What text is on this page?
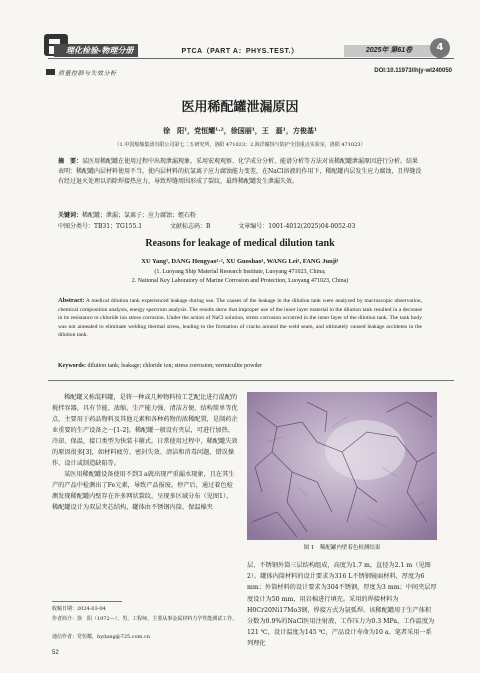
理化检验-物理分册	PTCA（PART A：PHYS.TEST.）	2025年 第61卷	4
质量控制与失效分析	DOI:10.11973/lhjy-wl240050
医用稀配罐泄漏原因
徐　阳¹，党恒耀¹·²，徐国丽¹，王　磊¹，方俊基¹
（1.中国船舶集团有限公司第七二五研究所，洛阳 471023；2.海洋腐蚀与防护全国重点实验室，洛阳 471023）
摘　要：某医用稀配罐在使用过程中出现泄漏现象。采用宏观观察、化学成分分析、能谱分析等方法对该稀配罐泄漏原因进行分析。结果表明：稀配罐内层材料使用不当，使内层材料的抗氯离子应力腐蚀能力变差，在NaCl溶液的作用下，稀配罐内层发生应力腐蚀，且焊缝没有经过退火处理以消除焊接热应力，导致焊缝周围形成了裂纹，最终稀配罐发生泄漏失效。
关键词：稀配罐；泄漏；氯离子；应力腐蚀；蛭石粉
中图分类号：TB31；TG155.1	文献标志码：B	文章编号：1001-4012(2025)04-0052-03
Reasons for leakage of medical dilution tank
XU Yang¹, DANG Hengyao¹·², XU Guoshao¹, WANG Lei¹, FANG Junji¹
(1. Luoyang Ship Material Research Institute, Luoyang 471023, China;
2. National Key Laboratory of Marine Corrosion and Protection, Luoyang 471023, China)
Abstract: A medical dilution tank experienced leakage during use. The causes of the leakage in the dilution tank were analyzed by macroscopic observation, chemical composition analysis, energy spectrum analysis. The results show that improper use of the inner layer material in the dilution tank resulted in a decrease in its resistance to chloride ion stress corrosion. Under the action of NaCl solution, stress corrosion occurred in the inner layer of the dilution tank. The tank body was not annealed to eliminate welding thermal stress, leading to the formation of cracks around the weld seam, and ultimately caused leakage accidents in the dilution tank.
Keywords: dilution tank; leakage; chloride ion; stress corrosion; vermiculite powder

稀配罐又称混料罐，是将一种或几种物料按工艺配比进行混配的搅拌容器，具有节能、浓缩、生产能力强、清洁方便、结构简单等优点，主要用于药品物料及其他元素和各种药物的浓稀配置，是制药企业重要的生产设备之一[1-2]。稀配罐一般设有夹层，可进行加热、冷却、保温，接口类型为快装卡箍式。日常使用过程中，稀配罐失效的原因很多[3]，如材料疲劳、密封失效、清洁和消毒问题、错误操作、设计或制造缺陷等。

某医用稀配罐设备使用不到3 a就出现严重漏水现象，且在其生产的产品中检测出了Fe元素，导致产品报废。停产后，通过着色检测发现稀配罐内壁存在许多网状裂纹，呈现多区域分布（见图1）。稀配罐设计为双层夹芯结构，罐体由不锈钢内筒、保温棉夹

图 1　稀配罐内壁着色检测结果

层、不锈钢外筒三层结构组成，高度为1.7 m，直径为2.1 m（见图2）。罐体内筒材料的设计要求为316 L不锈钢镜面材料，厚度为6 mm；外筒材料的设计要求为304不锈钢，厚度为3 mm；中间夹层厚度设计为50 mm，用岩棉进行填充。采用的焊接材料为H0Cr20Ni17Mo3钢，焊接方式为氩弧焊。该稀配罐用于生产体积分数为0.9%的NaCl医用注射液，工作压力为0.3 MPa，工作温度为121 ℃，设计温度为145 ℃，产品设计寿命为10 a。笔者采用一系列理化

收稿日期：2024-03-04
作者简介：徐　阳（1972—），男，工程师，主要从事金属材料力学性能测试工作。
通信作者：党恒耀，hydang@725.com.cn
52
